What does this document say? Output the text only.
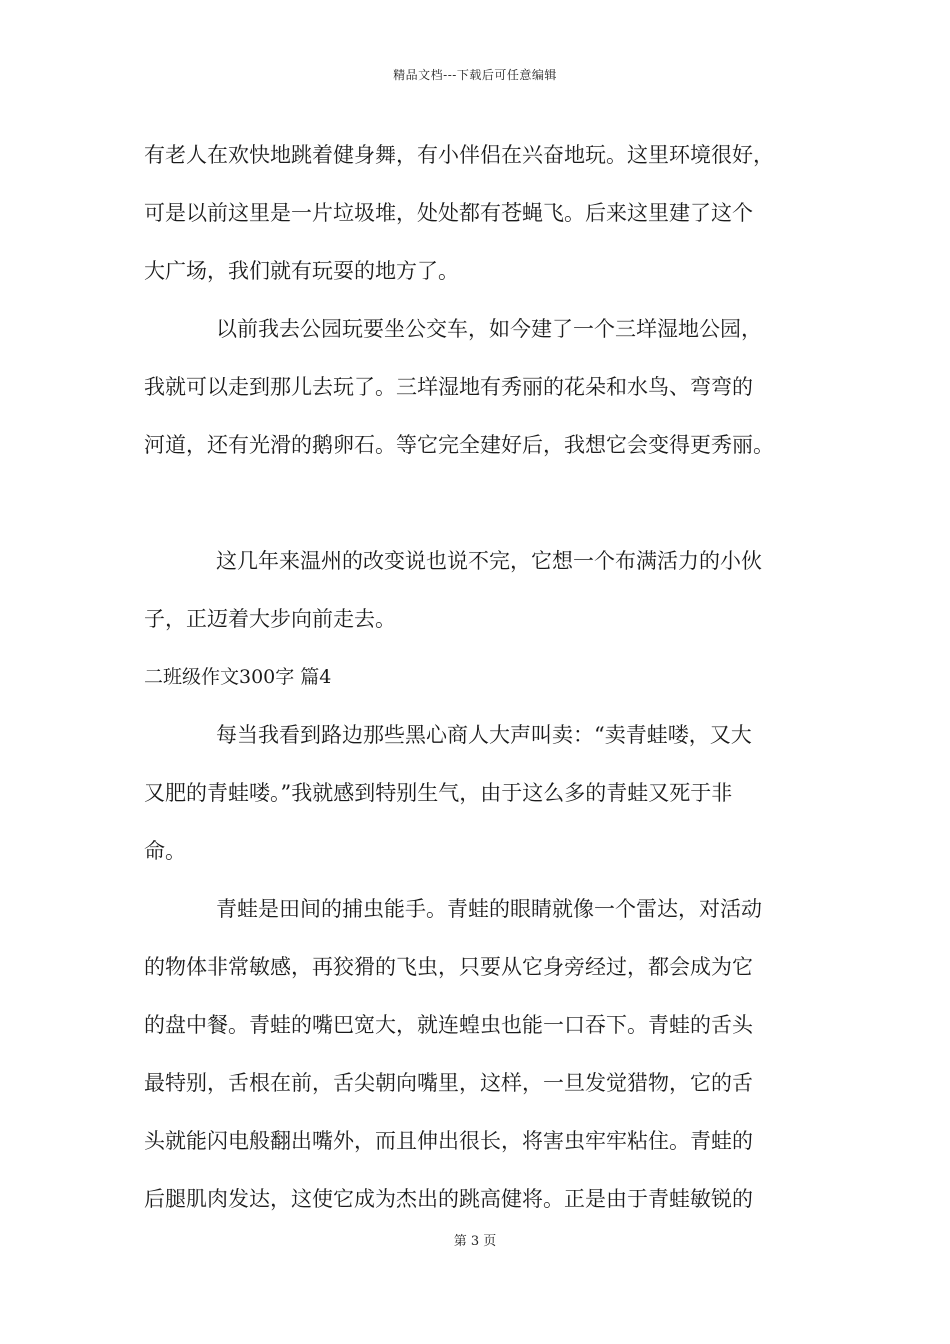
精品文档---下载后可任意编辑
有老人在欢快地跳着健身舞，有小伴侣在兴奋地玩。这里环境很好，
可是以前这里是一片垃圾堆，处处都有苍蝇飞。后来这里建了这个
大广场，我们就有玩耍的地方了。
以前我去公园玩要坐公交车，如今建了一个三垟湿地公园，
我就可以走到那儿去玩了。三垟湿地有秀丽的花朵和水鸟、弯弯的
河道，还有光滑的鹅卵石。等它完全建好后，我想它会变得更秀丽。
这几年来温州的改变说也说不完，它想一个布满活力的小伙
子，正迈着大步向前走去。
二班级作文300字 篇4
每当我看到路边那些黑心商人大声叫卖：“卖青蛙喽，又大
又肥的青蛙喽。”我就感到特别生气，由于这么多的青蛙又死于非
命。
青蛙是田间的捕虫能手。青蛙的眼睛就像一个雷达，对活动
的物体非常敏感，再狡猾的飞虫，只要从它身旁经过，都会成为它
的盘中餐。青蛙的嘴巴宽大，就连蝗虫也能一口吞下。青蛙的舌头
最特别，舌根在前，舌尖朝向嘴里，这样，一旦发觉猎物，它的舌
头就能闪电般翻出嘴外，而且伸出很长，将害虫牢牢粘住。青蛙的
后腿肌肉发达，这使它成为杰出的跳高健将。正是由于青蛙敏锐的
第 3 页
